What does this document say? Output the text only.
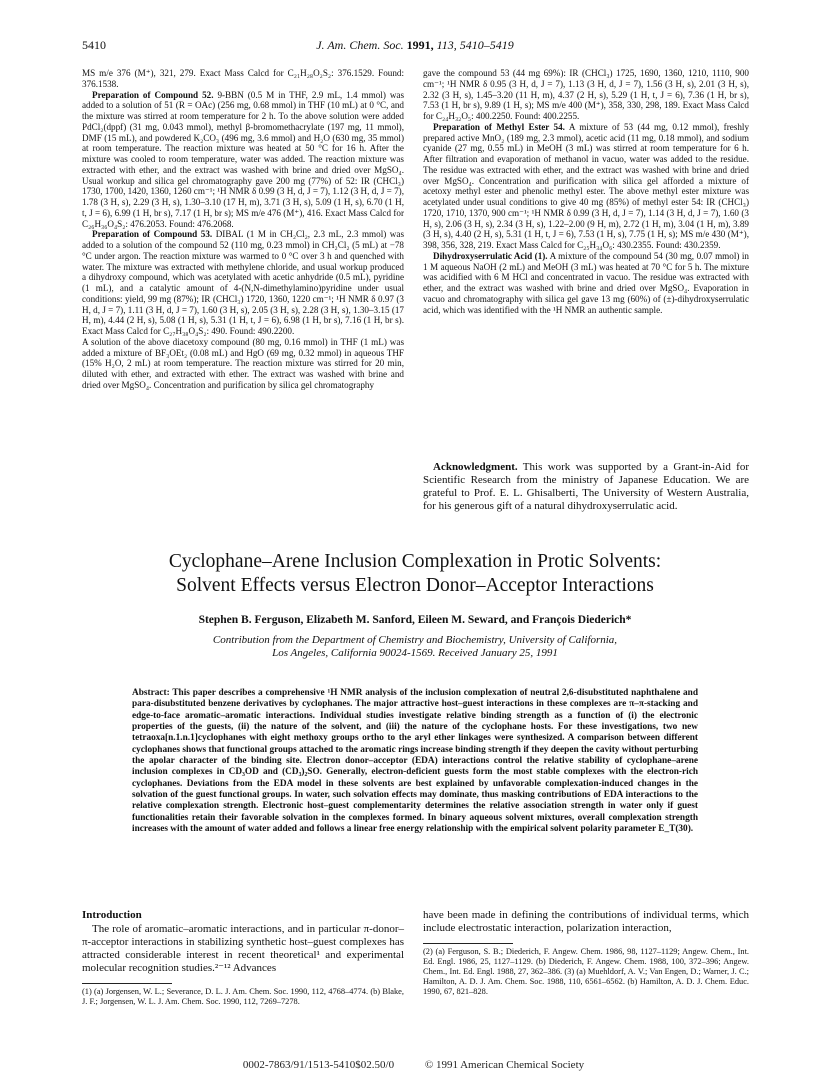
5410	J. Am. Chem. Soc. 1991, 113, 5410–5419

MS m/e 376 (M⁺), 321, 279. Exact Mass Calcd for C₂₁H₂₈O₂S₂: 376.1529. Found: 376.1538.

Preparation of Compound 52. 9-BBN (0.5 M in THF, 2.9 mL, 1.4 mmol) was added to a solution of 51 (R = OAc) (256 mg, 0.68 mmol) in THF (10 mL) at 0 °C, and the mixture was stirred at room temperature for 2 h. To the above solution were added PdCl₂(dppf) (31 mg, 0.043 mmol), methyl β-bromomethacrylate (197 mg, 11 mmol), DMF (15 mL), and powdered K₂CO₃ (496 mg, 3.6 mmol) and H₂O (630 mg, 35 mmol) at room temperature. The reaction mixture was heated at 50 °C for 16 h. After the mixture was cooled to room temperature, water was added. The reaction mixture was extracted with ether, and the extract was washed with brine and dried over MgSO₄. Usual workup and silica gel chromatography gave 200 mg (77%) of 52: IR (CHCl₃) 1730, 1700, 1420, 1360, 1260 cm⁻¹; ¹H NMR δ 0.99 (3 H, d, J = 7), 1.12 (3 H, d, J = 7), 1.78 (3 H, s), 2.29 (3 H, s), 1.30–3.10 (17 H, m), 3.71 (3 H, s), 5.09 (1 H, s), 6.70 (1 H, t, J = 6), 6.99 (1 H, br s), 7.17 (1 H, br s); MS m/e 476 (M⁺), 416. Exact Mass Calcd for C₂₆H₃₆O₄S₂: 476.2053. Found: 476.2068.

Preparation of Compound 53. DIBAL (1 M in CH₂Cl₂, 2.3 mL, 2.3 mmol) was added to a solution of the compound 52 (110 mg, 0.23 mmol) in CH₂Cl₂ (5 mL) at −78 °C under argon. The reaction mixture was warmed to 0 °C over 3 h and quenched with water. The mixture was extracted with methylene chloride, and usual workup produced a dihydroxy compound, which was acetylated with acetic anhydride (0.5 mL), pyridine (1 mL), and a catalytic amount of 4-(N,N-dimethylamino)pyridine under usual conditions: yield, 99 mg (87%); IR (CHCl₃) 1720, 1360, 1220 cm⁻¹; ¹H NMR δ 0.97 (3 H, d, J = 7), 1.11 (3 H, d, J = 7), 1.60 (3 H, s), 2.05 (3 H, s), 2.28 (3 H, s), 1.30–3.15 (17 H, m), 4.44 (2 H, s), 5.08 (1 H, s), 5.31 (1 H, t, J = 6), 6.98 (1 H, br s), 7.16 (1 H, br s). Exact Mass Calcd for C₂₇H₃₈O₄S₂: 490. Found: 490.2200.

A solution of the above diacetoxy compound (80 mg, 0.16 mmol) in THF (1 mL) was added a mixture of BF₃OEt₂ (0.08 mL) and HgO (69 mg, 0.32 mmol) in aqueous THF (15% H₂O, 2 mL) at room temperature. The reaction mixture was stirred for 20 min, diluted with ether, and extracted with ether. The extract was washed with brine and dried over MgSO₄. Concentration and purification by silica gel chromatography

gave the compound 53 (44 mg 69%): IR (CHCl₃) 1725, 1690, 1360, 1210, 1110, 900 cm⁻¹; ¹H NMR δ 0.95 (3 H, d, J = 7), 1.13 (3 H, d, J = 7), 1.56 (3 H, s), 2.01 (3 H, s), 2.32 (3 H, s), 1.45–3.20 (11 H, m), 4.37 (2 H, s), 5.29 (1 H, t, J = 6), 7.36 (1 H, br s), 7.53 (1 H, br s), 9.89 (1 H, s); MS m/e 400 (M⁺), 358, 330, 298, 189. Exact Mass Calcd for C₂₄H₃₂O₅: 400.2250. Found: 400.2255.

Preparation of Methyl Ester 54. A mixture of 53 (44 mg, 0.12 mmol), freshly prepared active MnO₂ (189 mg, 2.3 mmol), acetic acid (11 mg, 0.18 mmol), and sodium cyanide (27 mg, 0.55 mL) in MeOH (3 mL) was stirred at room temperature for 6 h. After filtration and evaporation of methanol in vacuo, water was added to the residue. The residue was extracted with ether, and the extract was washed with brine and dried over MgSO₄. Concentration and purification with silica gel afforded a mixture of acetoxy methyl ester and phenolic methyl ester. The above methyl ester mixture was acetylated under usual conditions to give 40 mg (85%) of methyl ester 54: IR (CHCl₃) 1720, 1710, 1370, 900 cm⁻¹; ¹H NMR δ 0.99 (3 H, d, J = 7), 1.14 (3 H, d, J = 7), 1.60 (3 H, s), 2.06 (3 H, s), 2.34 (3 H, s), 1.22–2.00 (9 H, m), 2.72 (1 H, m), 3.04 (1 H, m), 3.89 (3 H, s), 4.40 (2 H, s), 5.31 (1 H, t, J = 6), 7.53 (1 H, s), 7.75 (1 H, s); MS m/e 430 (M⁺), 398, 356, 328, 219. Exact Mass Calcd for C₂₅H₃₄O₆: 430.2355. Found: 430.2359.

Dihydroxyserrulatic Acid (1). A mixture of the compound 54 (30 mg, 0.07 mmol) in 1 M aqueous NaOH (2 mL) and MeOH (3 mL) was heated at 70 °C for 5 h. The mixture was acidified with 6 M HCl and concentrated in vacuo. The residue was extracted with ether, and the extract was washed with brine and dried over MgSO₄. Evaporation in vacuo and chromatography with silica gel gave 13 mg (60%) of (±)-dihydroxyserrulatic acid, which was identified with the ¹H NMR an authentic sample.

Acknowledgment. This work was supported by a Grant-in-Aid for Scientific Research from the ministry of Japanese Education. We are grateful to Prof. E. L. Ghisalberti, The University of Western Australia, for his generous gift of a natural dihydroxyserrulatic acid.
Cyclophane–Arene Inclusion Complexation in Protic Solvents:
Solvent Effects versus Electron Donor–Acceptor Interactions
Stephen B. Ferguson, Elizabeth M. Sanford, Eileen M. Seward, and François Diederich*
Contribution from the Department of Chemistry and Biochemistry, University of California,
Los Angeles, California 90024-1569. Received January 25, 1991
Abstract: This paper describes a comprehensive ¹H NMR analysis of the inclusion complexation of neutral 2,6-disubstituted naphthalene and para-disubstituted benzene derivatives by cyclophanes. The major attractive host–guest interactions in these complexes are π–π-stacking and edge-to-face aromatic–aromatic interactions. Individual studies investigate relative binding strength as a function of (i) the electronic properties of the guests, (ii) the nature of the solvent, and (iii) the nature of the cyclophane hosts. For these investigations, two new tetraoxa[n.1.n.1]cyclophanes with eight methoxy groups ortho to the aryl ether linkages were synthesized. A comparison between different cyclophanes shows that functional groups attached to the aromatic rings increase binding strength if they deepen the cavity without perturbing the apolar character of the binding site. Electron donor–acceptor (EDA) interactions control the relative stability of cyclophane–arene inclusion complexes in CD₃OD and (CD₃)₂SO. Generally, electron-deficient guests form the most stable complexes with the electron-rich cyclophanes. Deviations from the EDA model in these solvents are best explained by unfavorable complexation-induced changes in the solvation of the guest functional groups. In water, such solvation effects may dominate, thus masking contributions of EDA interactions to the relative complexation strength. Electronic host–guest complementarity determines the relative association strength in water only if guest functionalities retain their favorable solvation in the complexes formed. In binary aqueous solvent mixtures, overall complexation strength increases with the amount of water added and follows a linear free energy relationship with the empirical solvent polarity parameter E_T(30).
Introduction
The role of aromatic–aromatic interactions, and in particular π-donor–π-acceptor interactions in stabilizing synthetic host–guest complexes has attracted considerable interest in recent theoretical¹ and experimental molecular recognition studies.²⁻¹² Advances
have been made in defining the contributions of individual terms, which include electrostatic interaction, polarization interaction,
(1) (a) Jorgensen, W. L.; Severance, D. L. J. Am. Chem. Soc. 1990, 112, 4768–4774. (b) Blake, J. F.; Jorgensen, W. L. J. Am. Chem. Soc. 1990, 112, 7269–7278.
(2) (a) Ferguson, S. B.; Diederich, F. Angew. Chem. 1986, 98, 1127–1129; Angew. Chem., Int. Ed. Engl. 1986, 25, 1127–1129. (b) Diederich, F. Angew. Chem. 1988, 100, 372–396; Angew. Chem., Int. Ed. Engl. 1988, 27, 362–386. (3) (a) Muehldorf, A. V.; Van Engen, D.; Warner, J. C.; Hamilton, A. D. J. Am. Chem. Soc. 1988, 110, 6561–6562. (b) Hamilton, A. D. J. Chem. Educ. 1990, 67, 821–828.
0002-7863/91/1513-5410$02.50/0	© 1991 American Chemical Society
